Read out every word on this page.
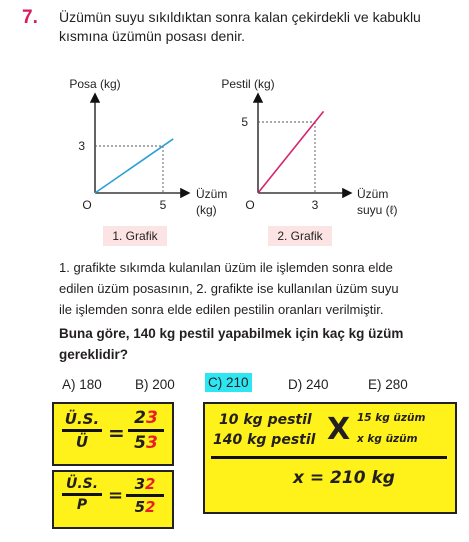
7. Üzümün suyu sıkıldıktan sonra kalan çekirdekli ve kabuklu
kısmına üzümün posası denir.
5
3
O
Posa (kg)
Üzüm
(kg)	3
5
O
Pestil (kg)
Üzüm
suyu (ℓ)
1. Grafik	2. Grafik
1. grafikte sıkımda kulanılan üzüm ile işlemden sonra elde
edilen üzüm posasının, 2. grafikte ise kullanılan üzüm suyu
ile işlemden sonra elde edilen pestilin oranları verilmiştir.
Buna göre, 140 kg pestil yapabilmek için kaç kg üzüm
gereklidir?
A) 180 B) 200 C) 210	D) 240	E) 280
Ü.S.
Ü =
23
53
Ü.S.
P	=
32
52
10 kg pestil
140 kg pestil X 15 kg üzüm
x kg üzüm
x = 210 kg
